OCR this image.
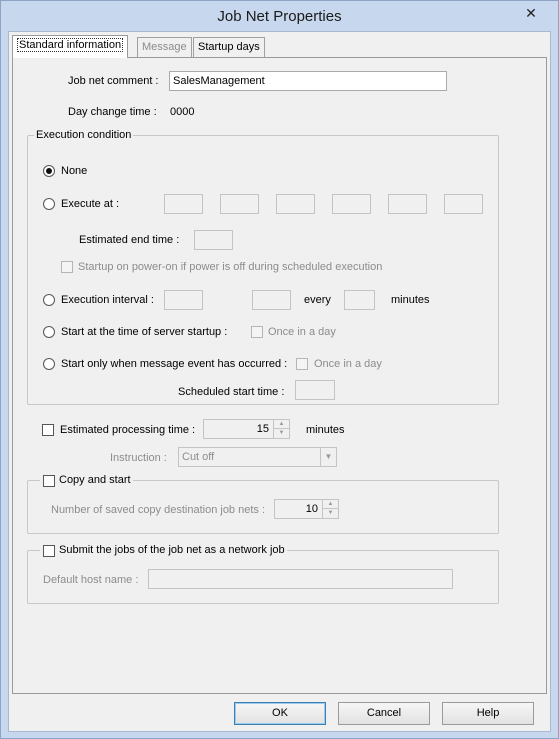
Job Net Properties	✕
Standard information	Message	Startup days
Job net comment :	SalesManagement
Day change time : 0000
Execution condition
None
Execute at :
Estimated end time :
Startup on power-on if power is off during scheduled execution
Execution interval :	every	minutes
Start at the time of server startup :	Once in a day
Start only when message event has occurred : Once in a day
Scheduled start time :
Estimated processing time :	15	▲
▼	minutes
Instruction :	Cut off	▼
Copy and start
Number of saved copy destination job nets :	10	▲
▼
Submit the jobs of the job net as a network job
Default host name :
OK	Cancel	Help
